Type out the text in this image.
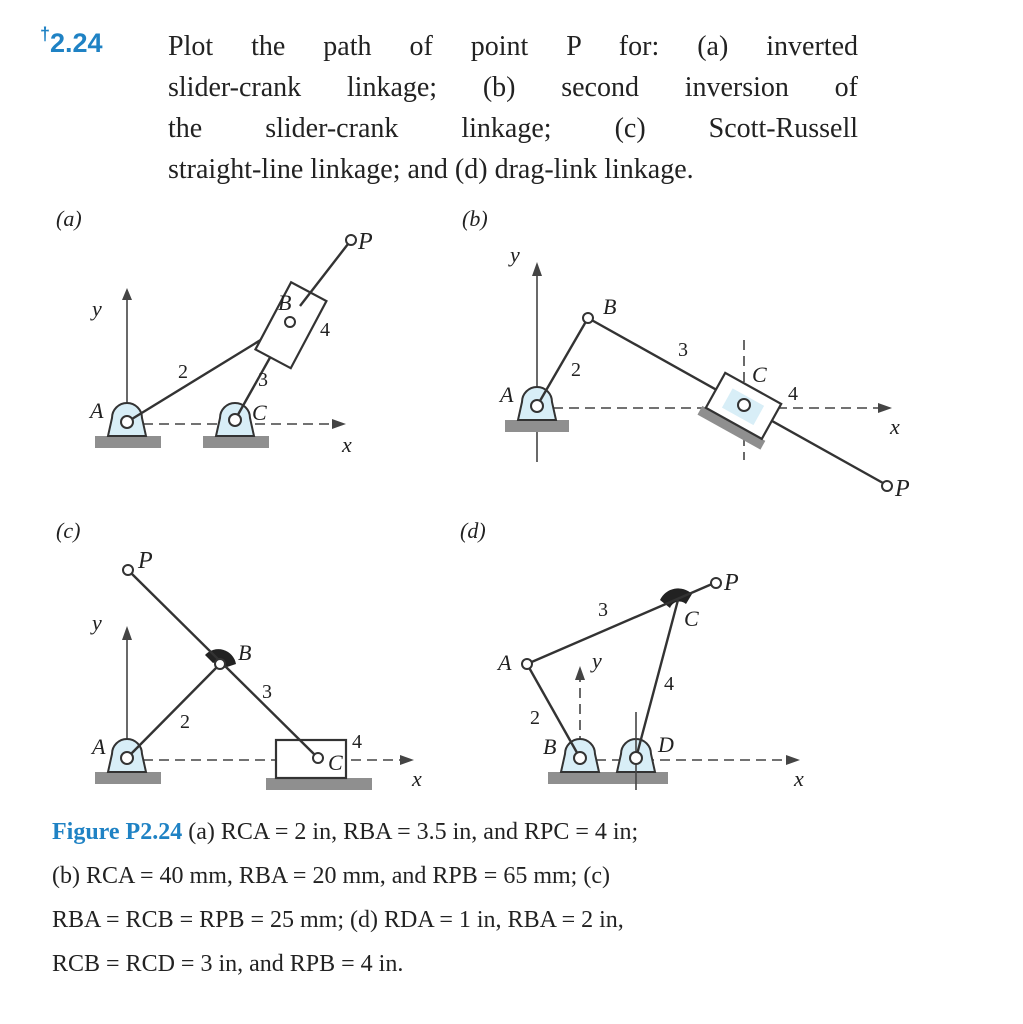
†2.24 Plot the path of point P for: (a) inverted
slider-crank linkage; (b) second inversion of
the slider-crank linkage; (c) Scott-Russell
straight-line linkage; and (d) drag-link linkage.
(a)	(b)
(c)	(d)
y
x
P
B
A	C
2	3
4
y
x
B
A
C
P
2
3
4
y
x
P
B
A
C
2
3
4
y
x
P
C
A
B	D
2
3
4
Figure P2.24 (a) RCA = 2 in, RBA = 3.5 in, and RPC = 4 in;
(b) RCA = 40 mm, RBA = 20 mm, and RPB = 65 mm; (c)
RBA = RCB = RPB = 25 mm; (d) RDA = 1 in, RBA = 2 in,
RCB = RCD = 3 in, and RPB = 4 in.
